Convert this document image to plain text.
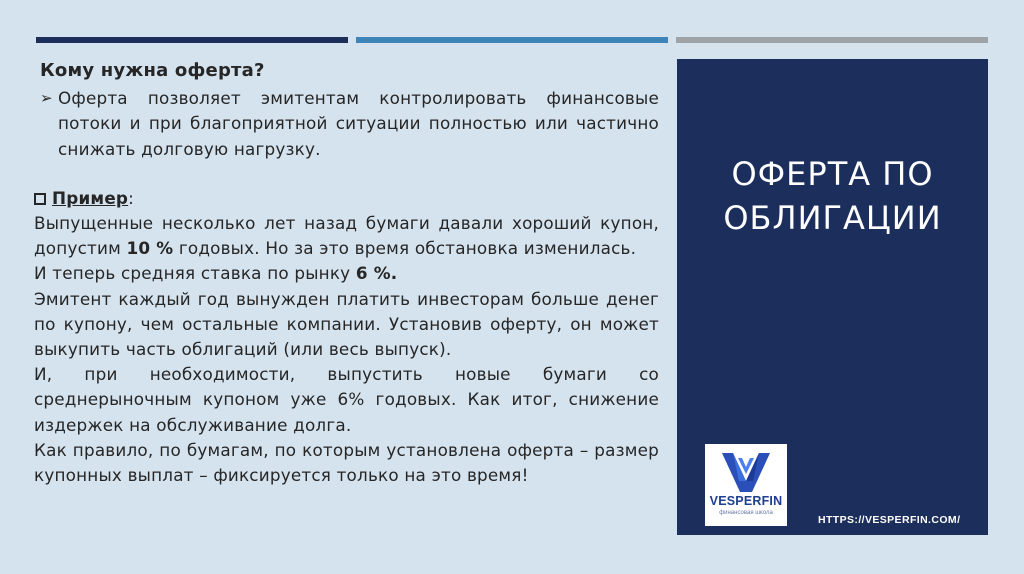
Кому нужна оферта?
➢ Оферта позволяет эмитентам контролировать финансовые потоки и при благоприятной ситуации полностью или частично снижать долговую нагрузку.
Пример:
Выпущенные несколько лет назад бумаги давали хороший купон, допустим 10 % годовых. Но за это время обстановка изменилась.
И теперь средняя ставка по рынку 6 %.
Эмитент каждый год вынужден платить инвесторам больше денег по купону, чем остальные компании. Установив оферту, он может выкупить часть облигаций (или весь выпуск).
И, при необходимости, выпустить новые бумаги со среднерыночным купоном уже 6% годовых. Как итог, снижение издержек на обслуживание долга.
Как правило, по бумагам, по которым установлена оферта – размер купонных выплат – фиксируется только на это время!
ОФЕРТА ПО
ОБЛИГАЦИИ
VESPERFIN
финансовая школа
HTTPS://VESPERFIN.COM/
